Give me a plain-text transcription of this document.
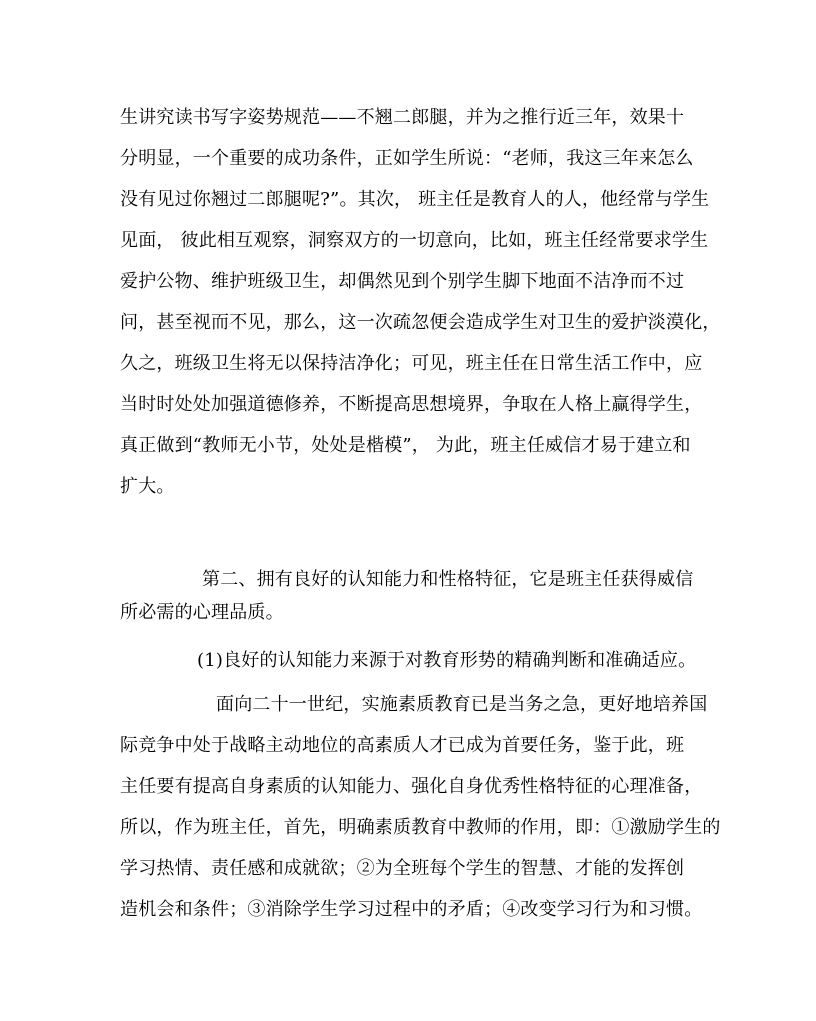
生讲究读书写字姿势规范——不翘二郎腿，并为之推行近三年，效果十
分明显，一个重要的成功条件，正如学生所说：“老师，我这三年来怎么
没有见过你翘过二郎腿呢?”。其次， 班主任是教育人的人，他经常与学生
见面， 彼此相互观察，洞察双方的一切意向，比如，班主任经常要求学生
爱护公物、维护班级卫生，却偶然见到个别学生脚下地面不洁净而不过
问，甚至视而不见，那么，这一次疏忽便会造成学生对卫生的爱护淡漠化，
久之，班级卫生将无以保持洁净化；可见，班主任在日常生活工作中，应
当时时处处加强道德修养，不断提高思想境界，争取在人格上赢得学生，
真正做到“教师无小节，处处是楷模”， 为此，班主任威信才易于建立和
扩大。
第二、拥有良好的认知能力和性格特征，它是班主任获得威信
所必需的心理品质。
(1)良好的认知能力来源于对教育形势的精确判断和准确适应。
面向二十一世纪，实施素质教育已是当务之急，更好地培养国
际竞争中处于战略主动地位的高素质人才已成为首要任务，鉴于此，班
主任要有提高自身素质的认知能力、强化自身优秀性格特征的心理准备，
所以，作为班主任，首先，明确素质教育中教师的作用，即：①激励学生的
学习热情、责任感和成就欲；②为全班每个学生的智慧、才能的发挥创
造机会和条件；③消除学生学习过程中的矛盾；④改变学习行为和习惯。
